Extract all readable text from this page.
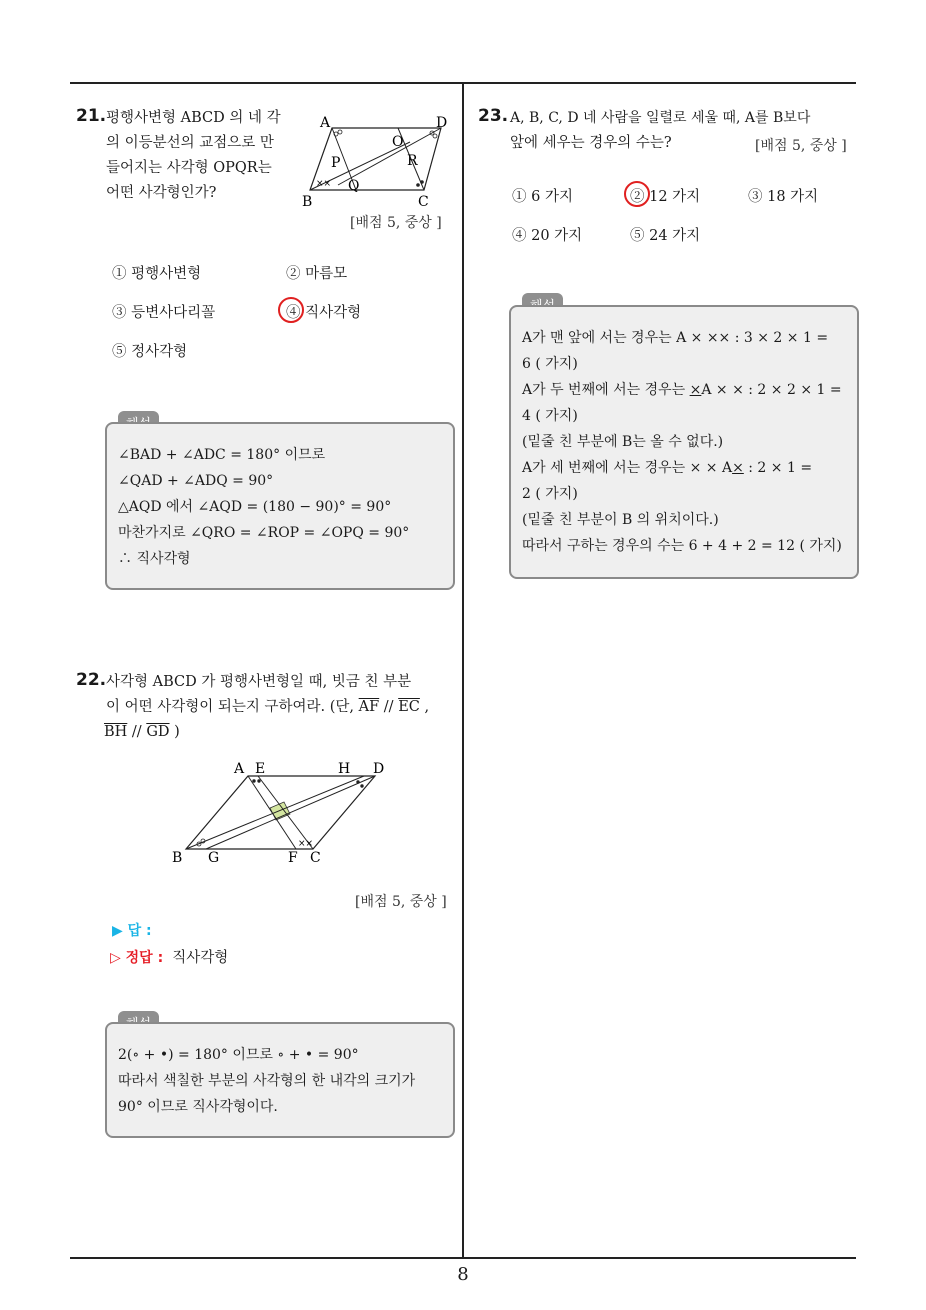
8
21. 평행사변형 ABCD 의 네 각
의 이등분선의 교점으로 만
들어지는 사각형 OPQR는
어떤 사각형인가?
A	D
O
P	R
Q
B	C
××
[배점 5, 중상 ]
① 평행사변형	② 마름모
③ 등변사다리꼴	④ 직사각형
⑤ 정사각형
∠BAD + ∠ADC = 180° 이므로
∠QAD + ∠ADQ = 90°
△AQD 에서 ∠AQD = (180 − 90)° = 90°
마찬가지로 ∠QRO = ∠ROP = ∠OPQ = 90°
∴ 직사각형
22. 사각형 ABCD 가 평행사변형일 때, 빗금 친 부분
이 어떤 사각형이 되는지 구하여라. (단, $\overline{AF} // \overline{EC}$ ,
$\overline{BH} // \overline{GD}$ )
A E	H D
B G	F C
××
[배점 5, 중상 ]
▶ 답 :
▷ 정답 : 직사각형
2(∘ + •) = 180° 이므로 ∘ + • = 90°
따라서 색칠한 부분의 사각형의 한 내각의 크기가
90° 이므로 직사각형이다.
23. A, B, C, D 네 사람을 일렬로 세울 때, A를 B보다
앞에 세우는 경우의 수는?	[배점 5, 중상 ]
① 6 가지	② 12 가지	③ 18 가지
④ 20 가지	⑤ 24 가지
A가 맨 앞에 서는 경우는 A × ×× : 3 × 2 × 1 =
6 ( 가지)
A가 두 번째에 서는 경우는 ×A × × : 2 × 2 × 1 =
4 ( 가지)
(밑줄 친 부분에 B는 올 수 없다.)
A가 세 번째에 서는 경우는 × × A× : 2 × 1 =
2 ( 가지)
(밑줄 친 부분이 B 의 위치이다.)
따라서 구하는 경우의 수는 6 + 4 + 2 = 12 ( 가지)
